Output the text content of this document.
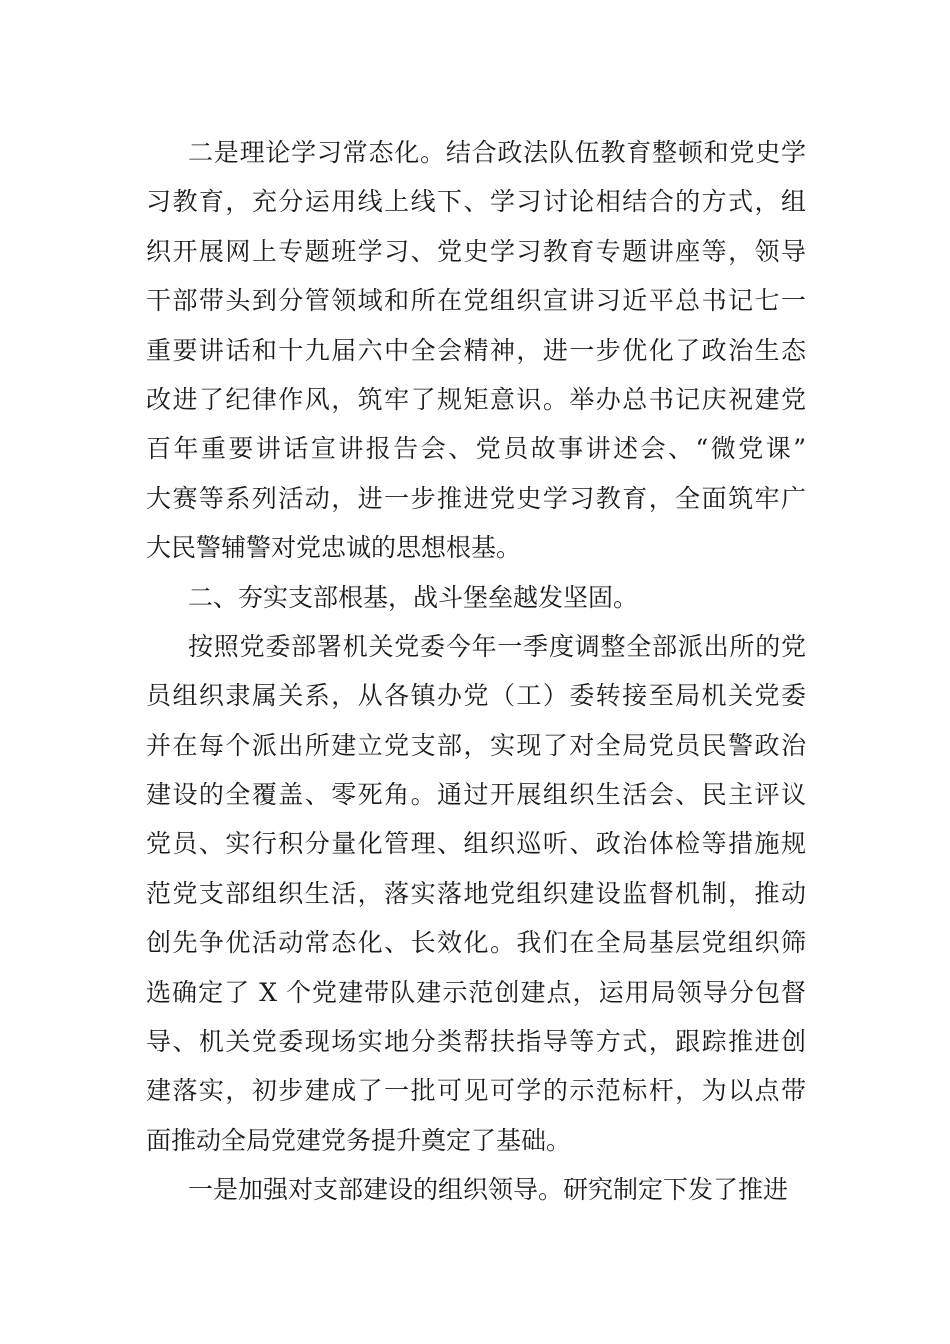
二是理论学习常态化。结合政法队伍教育整顿和党史学
习教育，充分运用线上线下、学习讨论相结合的方式，组
织开展网上专题班学习、党史学习教育专题讲座等，领导
干部带头到分管领域和所在党组织宣讲习近平总书记七一
重要讲话和十九届六中全会精神，进一步优化了政治生态
改进了纪律作风，筑牢了规矩意识。举办总书记庆祝建党
百年重要讲话宣讲报告会、党员故事讲述会、“微党课”
大赛等系列活动，进一步推进党史学习教育，全面筑牢广
大民警辅警对党忠诚的思想根基。
二、夯实支部根基，战斗堡垒越发坚固。
按照党委部署机关党委今年一季度调整全部派出所的党
员组织隶属关系，从各镇办党（工）委转接至局机关党委
并在每个派出所建立党支部，实现了对全局党员民警政治
建设的全覆盖、零死角。通过开展组织生活会、民主评议
党员、实行积分量化管理、组织巡听、政治体检等措施规
范党支部组织生活，落实落地党组织建设监督机制，推动
创先争优活动常态化、长效化。我们在全局基层党组织筛
选确定了 X 个党建带队建示范创建点，运用局领导分包督
导、机关党委现场实地分类帮扶指导等方式，跟踪推进创
建落实，初步建成了一批可见可学的示范标杆，为以点带
面推动全局党建党务提升奠定了基础。
一是加强对支部建设的组织领导。研究制定下发了推进
